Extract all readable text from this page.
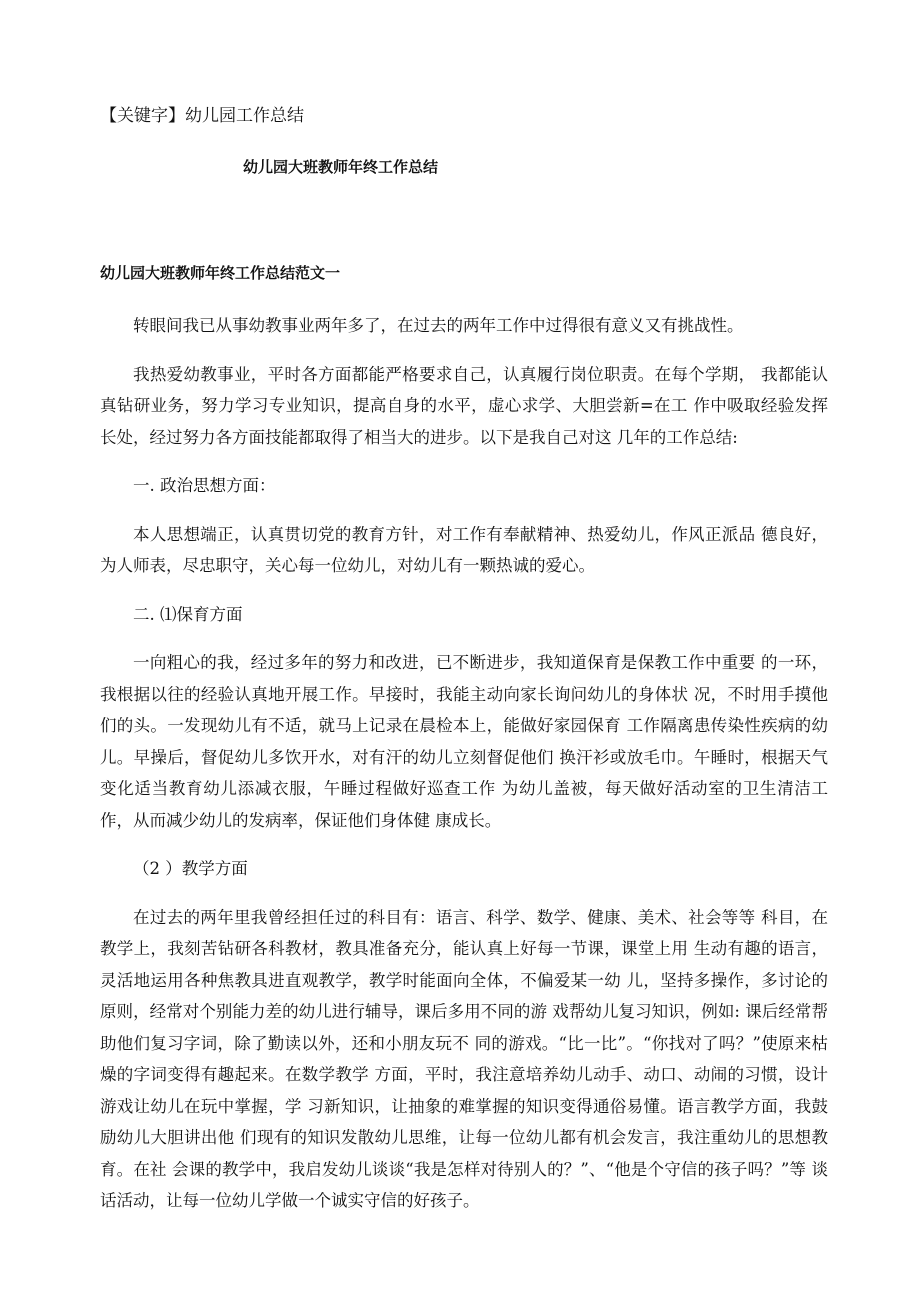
【关键字】幼儿园工作总结
幼儿园大班教师年终工作总结
幼儿园大班教师年终工作总结范文一

转眼间我已从事幼教事业两年多了，在过去的两年工作中过得很有意义又有挑战性。

我热爱幼教事业，平时各方面都能严格要求自己，认真履行岗位职责。在每个学期， 我都能认真钻研业务，努力学习专业知识，提高自身的水平，虚心求学、大胆尝新=在工 作中吸取经验发挥长处，经过努力各方面技能都取得了相当大的进步。以下是我自己对这 几年的工作总结:

一. 政治思想方面：

本人思想端正，认真贯切党的教育方针，对工作有奉献精神、热爱幼儿，作风正派品 德良好，为人师表，尽忠职守，关心每一位幼儿，对幼儿有一颗热诚的爱心。

二. ⑴保育方面

一向粗心的我，经过多年的努力和改进，已不断进步，我知道保育是保教工作中重要 的一环，我根据以往的经验认真地开展工作。早接时，我能主动向家长询问幼儿的身体状 况，不时用手摸他们的头。一发现幼儿有不适，就马上记录在晨检本上，能做好家园保育 工作隔离患传染性疾病的幼儿。早操后，督促幼儿多饮开水，对有汗的幼儿立刻督促他们 换汗衫或放毛巾。午睡时，根据天气变化适当教育幼儿添减衣服，午睡过程做好巡查工作 为幼儿盖被，每天做好活动室的卫生清洁工作，从而减少幼儿的发病率，保证他们身体健 康成长。

（2 ）教学方面

在过去的两年里我曾经担任过的科目有：语言、科学、数学、健康、美术、社会等等 科目，在教学上，我刻苦钻研各科教材，教具准备充分，能认真上好每一节课，课堂上用 生动有趣的语言，灵活地运用各种焦教具进直观教学，教学时能面向全体，不偏爱某一幼 儿，坚持多操作，多讨论的原则，经常对个别能力差的幼儿进行辅导，课后多用不同的游 戏帮幼儿复习知识，例如: 课后经常帮助他们复习字词，除了勤读以外，还和小朋友玩不 同的游戏。“比一比”。“你找对了吗？”使原来枯燥的字词变得有趣起来。在数学教学 方面，平时，我注意培养幼儿动手、动口、动闹的习惯，设计游戏让幼儿在玩中掌握，学 习新知识，让抽象的难掌握的知识变得通俗易懂。语言教学方面，我鼓励幼儿大胆讲出他 们现有的知识发散幼儿思维，让每一位幼儿都有机会发言，我注重幼儿的思想教育。在社 会课的教学中，我启发幼儿谈谈“我是怎样对待别人的？”、“他是个守信的孩子吗？”等 谈话活动，让每一位幼儿学做一个诚实守信的好孩子。
